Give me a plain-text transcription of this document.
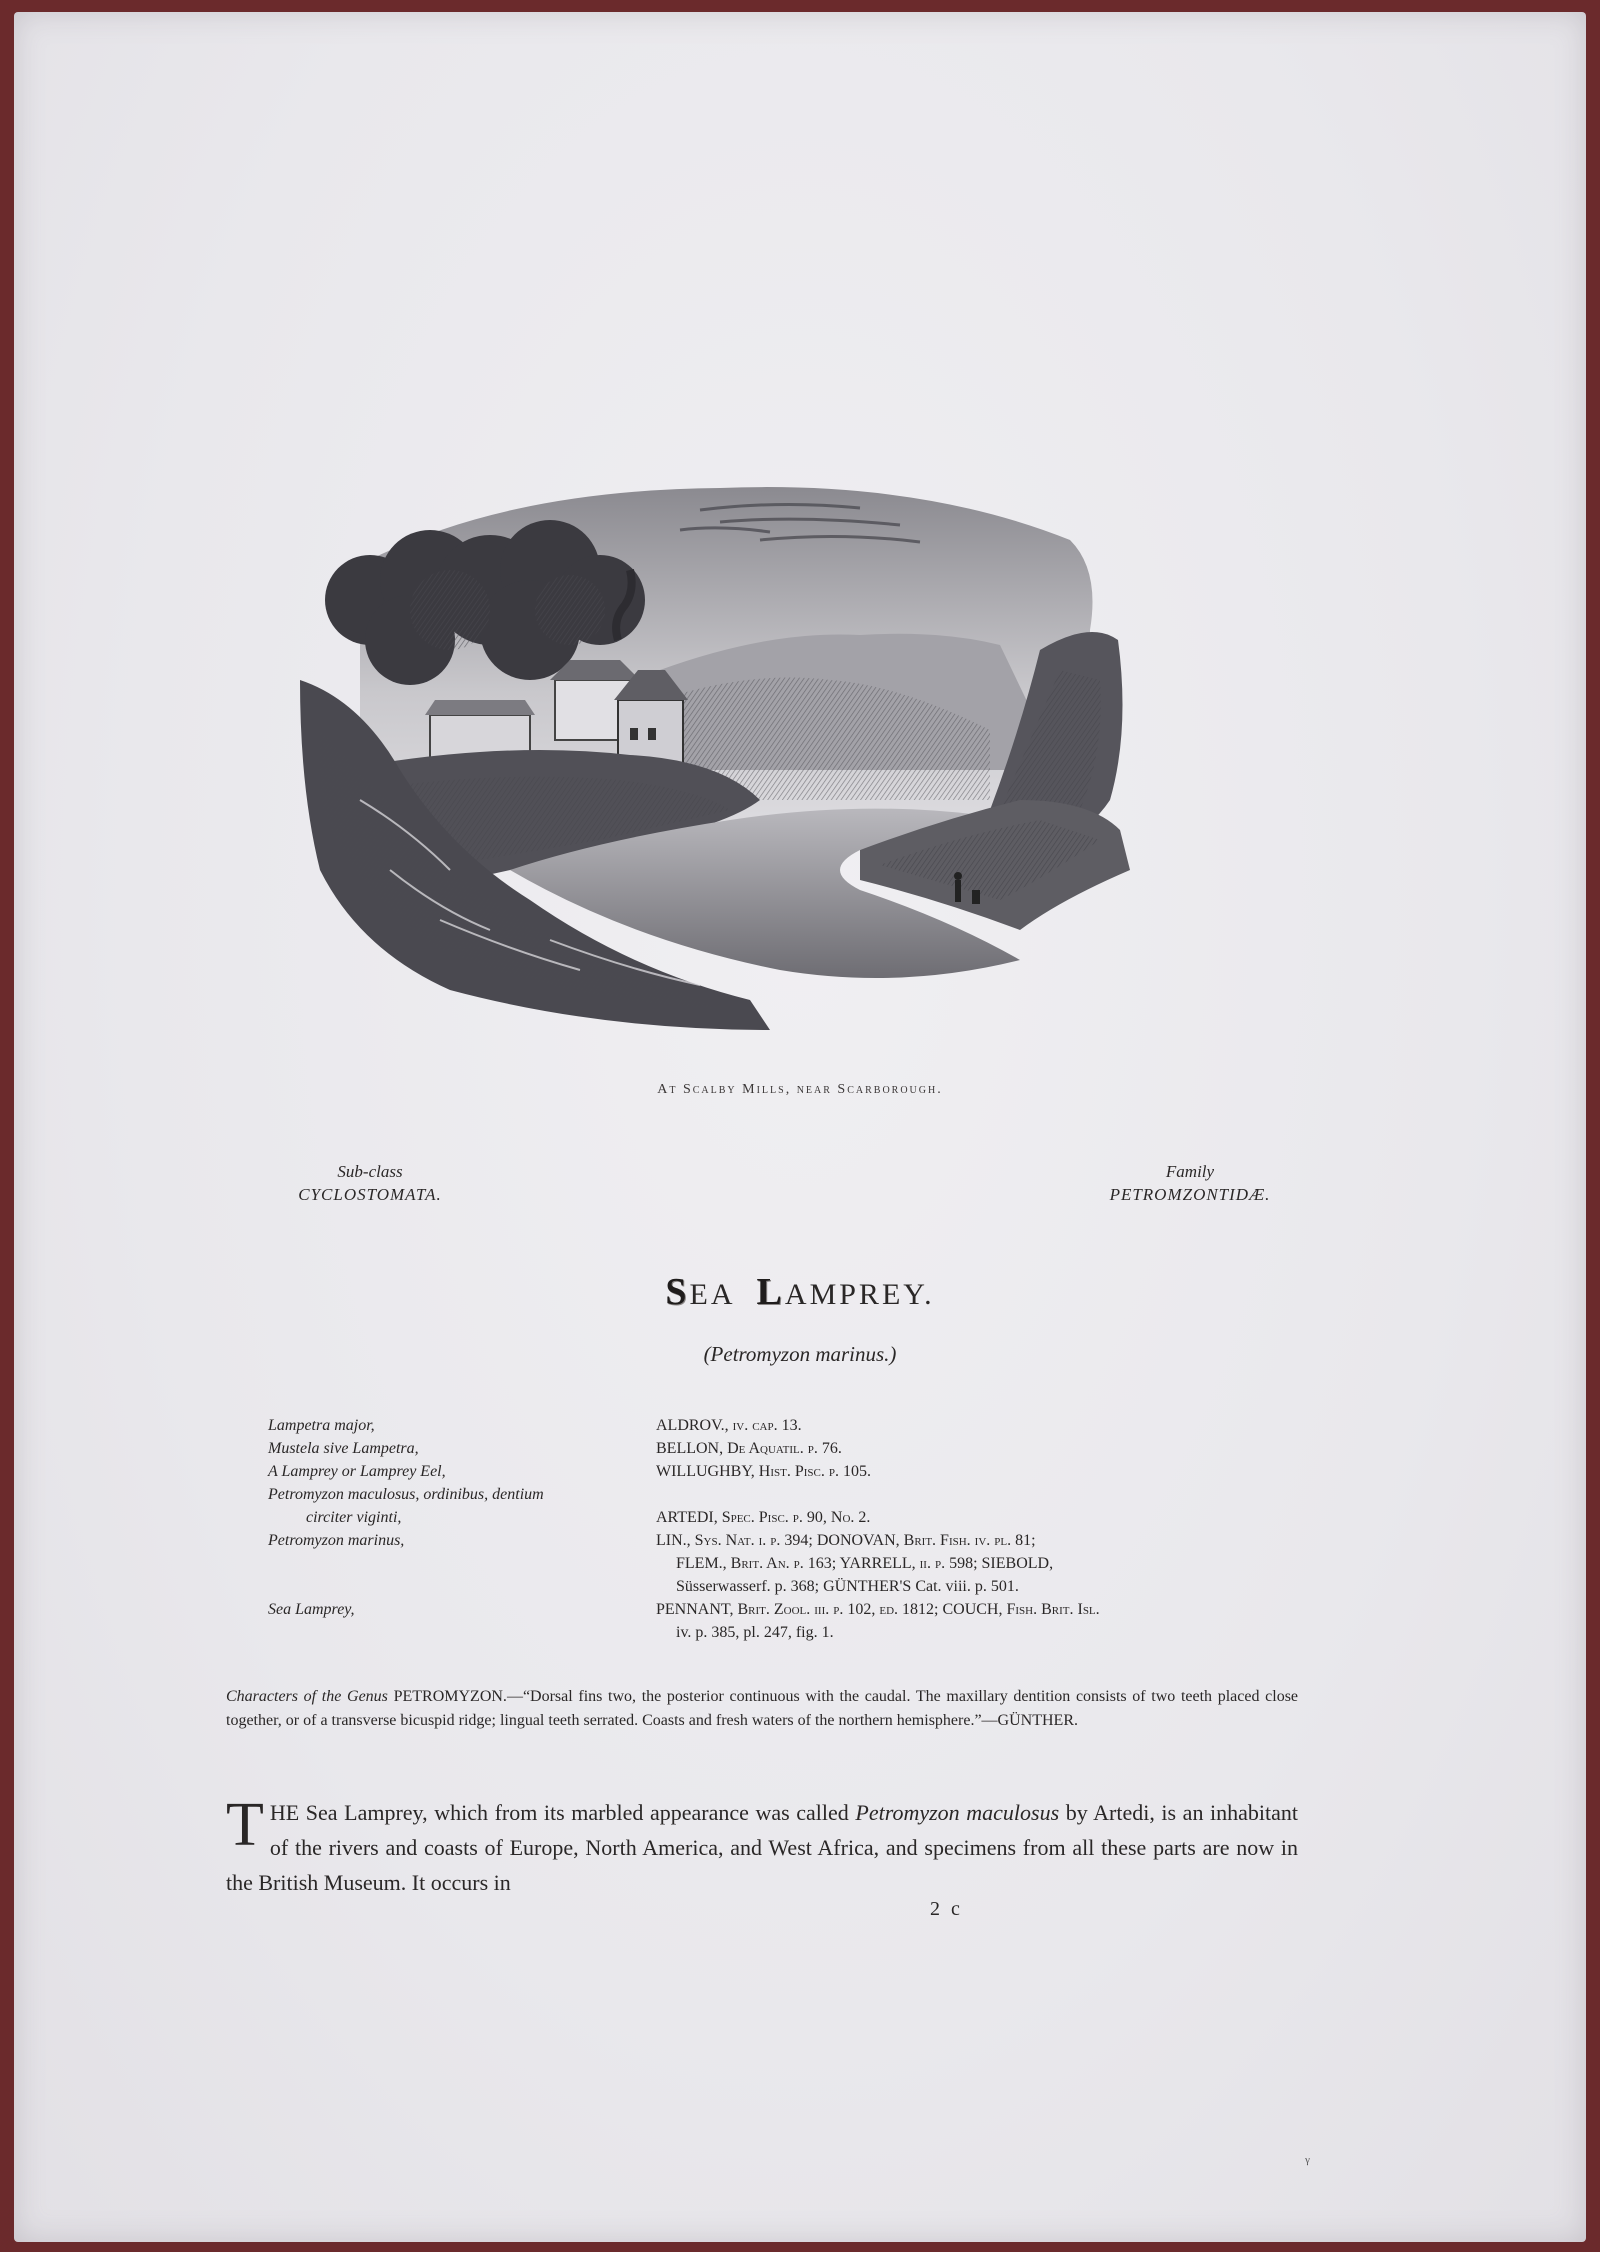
At Scalby Mills, near Scarborough.
Sub-class
CYCLOSTOMATA.
Family
PETROMZONTIDÆ.
SEA LAMPREY.
(Petromyzon marinus.)
Lampetra major,	ALDROV., iv. cap. 13.
Mustela sive Lampetra,	BELLON, De Aquatil. p. 76.
A Lamprey or Lamprey Eel,	WILLUGHBY, Hist. Pisc. p. 105.
Petromyzon maculosus, ordinibus, dentium
circiter viginti,	ARTEDI, Spec. Pisc. p. 90, No. 2.
Petromyzon marinus,	LIN., Sys. Nat. i. p. 394; DONOVAN, Brit. Fish. iv. pl. 81;
FLEM., Brit. An. p. 163; YARRELL, ii. p. 598; SIEBOLD,
Süsserwasserf. p. 368; GÜNTHER'S Cat. viii. p. 501.
Sea Lamprey,	PENNANT, Brit. Zool. iii. p. 102, ed. 1812; COUCH, Fish. Brit. Isl.
iv. p. 385, pl. 247, fig. 1.
Characters of the Genus PETROMYZON.—“Dorsal fins two, the posterior continuous with the caudal. The maxillary dentition consists of two teeth placed close together, or of a transverse bicuspid ridge; lingual teeth serrated. Coasts and fresh waters of the northern hemisphere.”—GÜNTHER.
T HE Sea Lamprey, which from its marbled appearance was called Petromyzon maculosus by Artedi, is an inhabitant of the rivers and coasts of Europe, North America, and West Africa, and specimens from all these parts are now in the British Museum. It occurs in
2 c
ᵞ
